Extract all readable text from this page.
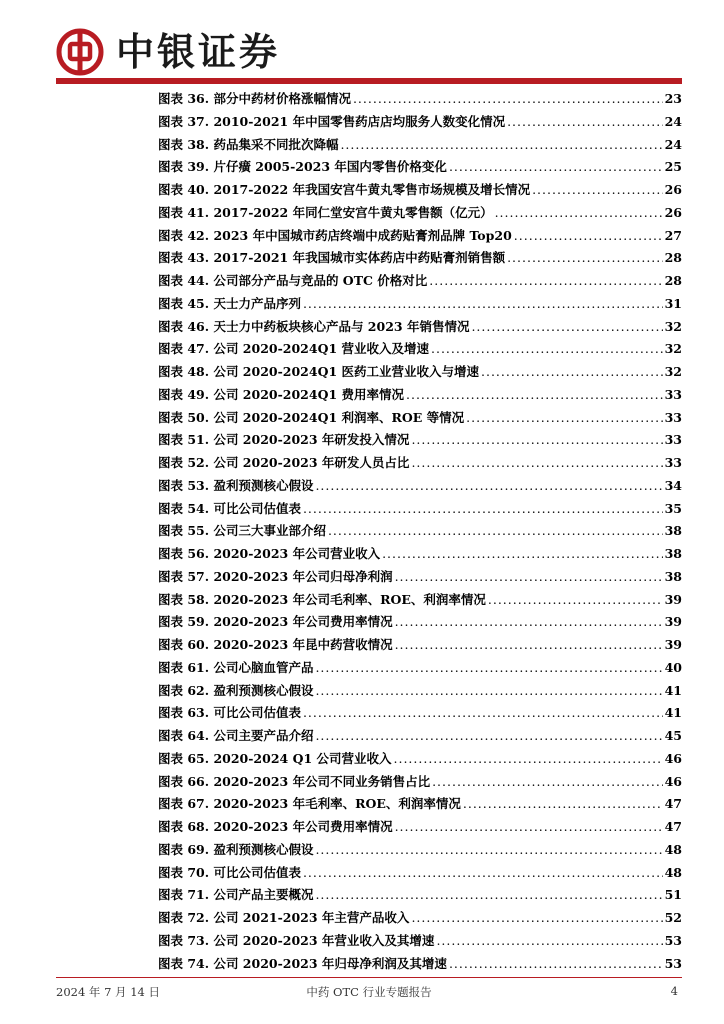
中银证券
图表 36. 部分中药材价格涨幅情况 .....	23
图表 37. 2010-2021 年中国零售药店店均服务人数变化情况 .....	24
图表 38. 药品集采不同批次降幅 .....	24
图表 39. 片仔癀 2005-2023 年国内零售价格变化 .....	25
图表 40. 2017-2022 年我国安宫牛黄丸零售市场规模及增长情况 .....	26
图表 41. 2017-2022 年同仁堂安宫牛黄丸零售额（亿元） .....	26
图表 42. 2023 年中国城市药店终端中成药贴膏剂品牌 Top20 .....	27
图表 43. 2017-2021 年我国城市实体药店中药贴膏剂销售额 .....	28
图表 44. 公司部分产品与竞品的 OTC 价格对比 .....	28
图表 45. 天士力产品序列 .....	31
图表 46. 天士力中药板块核心产品与 2023 年销售情况 .....	32
图表 47. 公司 2020-2024Q1 营业收入及增速 .....	32
图表 48. 公司 2020-2024Q1 医药工业营业收入与增速 .....	32
图表 49. 公司 2020-2024Q1 费用率情况 .....	33
图表 50. 公司 2020-2024Q1 利润率、ROE 等情况 .....	33
图表 51. 公司 2020-2023 年研发投入情况 .....	33
图表 52. 公司 2020-2023 年研发人员占比 .....	33
图表 53. 盈利预测核心假设 .....	34
图表 54. 可比公司估值表 .....	35
图表 55. 公司三大事业部介绍 .....	38
图表 56. 2020-2023 年公司营业收入 .....	38
图表 57. 2020-2023 年公司归母净利润 .....	38
图表 58. 2020-2023 年公司毛利率、ROE、利润率情况 .....	39
图表 59. 2020-2023 年公司费用率情况 .....	39
图表 60. 2020-2023 年昆中药营收情况 .....	39
图表 61. 公司心脑血管产品 .....	40
图表 62. 盈利预测核心假设 .....	41
图表 63. 可比公司估值表 .....	41
图表 64. 公司主要产品介绍 .....	45
图表 65. 2020-2024 Q1 公司营业收入 .....	46
图表 66. 2020-2023 年公司不同业务销售占比 .....	46
图表 67. 2020-2023 年毛利率、ROE、利润率情况 .....	47
图表 68. 2020-2023 年公司费用率情况 .....	47
图表 69. 盈利预测核心假设 .....	48
图表 70. 可比公司估值表 .....	48
图表 71. 公司产品主要概况 .....	51
图表 72. 公司 2021-2023 年主营产品收入 .....	52
图表 73. 公司 2020-2023 年营业收入及其增速 .....	53
图表 74. 公司 2020-2023 年归母净利润及其增速 .....	53
2024 年 7 月 14 日	中药 OTC 行业专题报告	4
